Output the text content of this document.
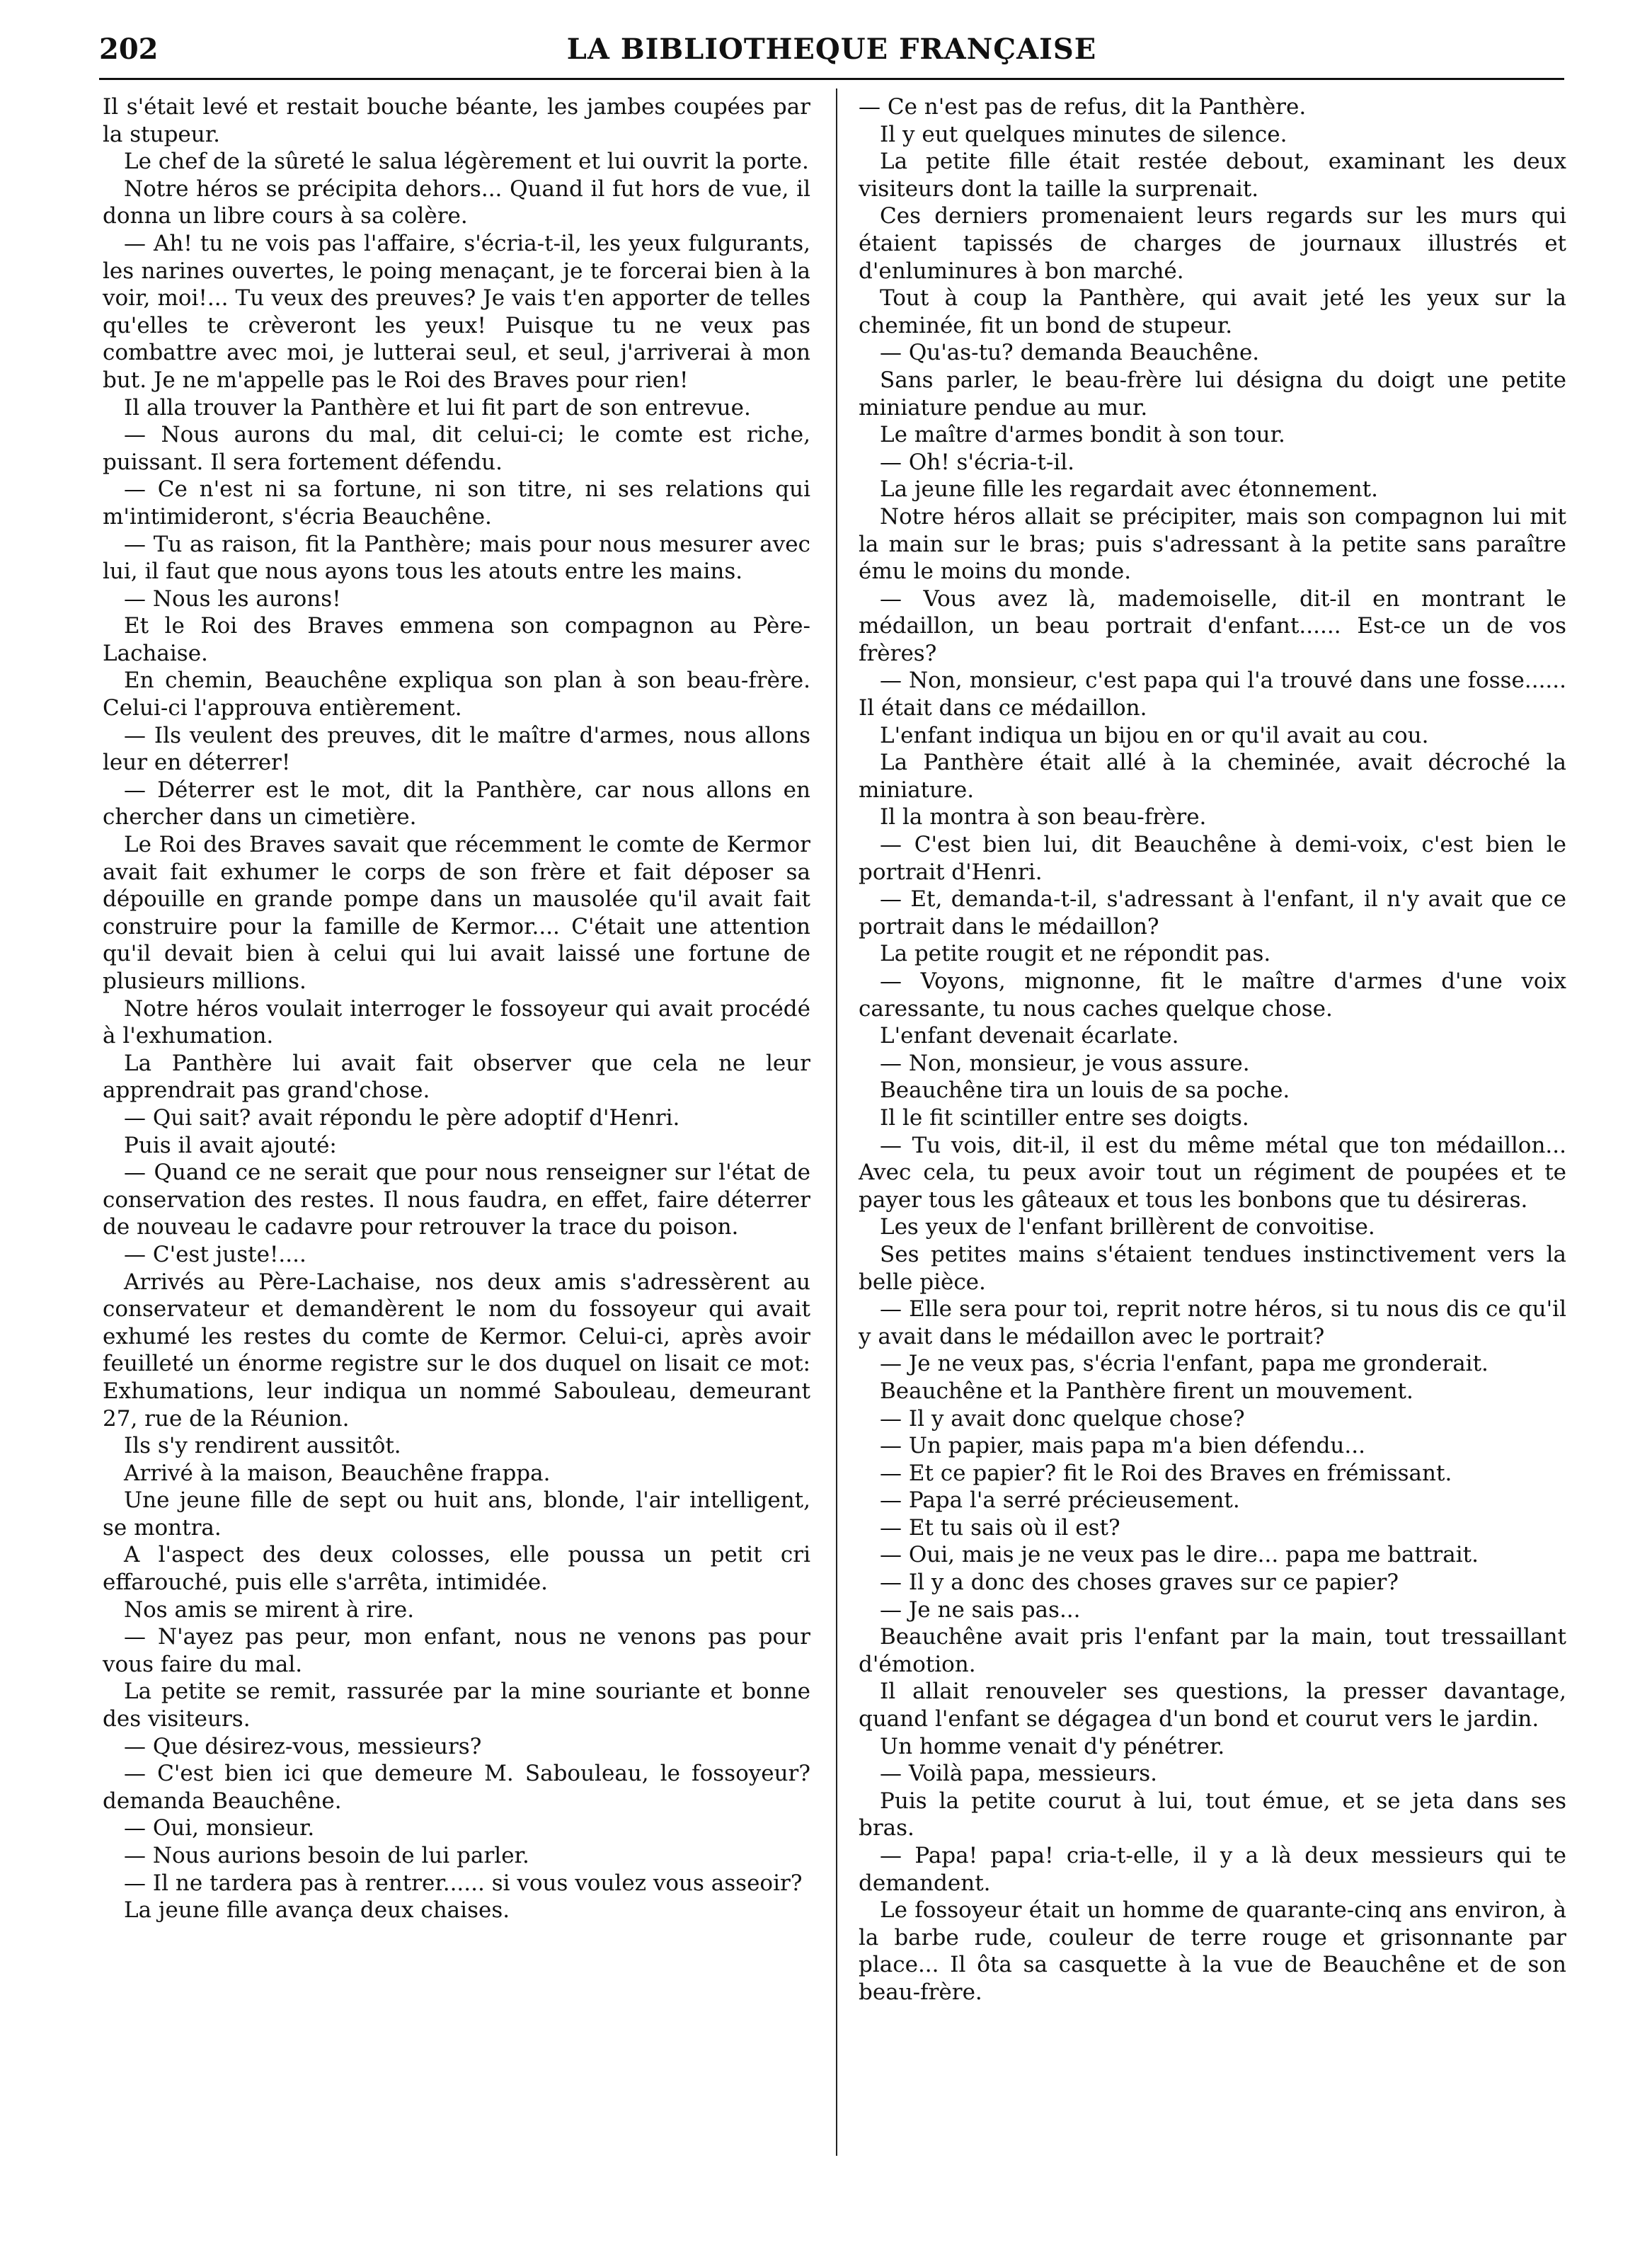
202	LA BIBLIOTHEQUE FRANÇAISE

Il s'était levé et restait bouche béante, les jambes coupées par la stupeur.

Le chef de la sûreté le salua légèrement et lui ouvrit la porte.

Notre héros se précipita dehors... Quand il fut hors de vue, il donna un libre cours à sa colère.

— Ah! tu ne vois pas l'affaire, s'écria-t-il, les yeux fulgurants, les narines ouvertes, le poing menaçant, je te forcerai bien à la voir, moi!... Tu veux des preuves? Je vais t'en apporter de telles qu'elles te crèveront les yeux! Puisque tu ne veux pas combattre avec moi, je lutterai seul, et seul, j'arriverai à mon but. Je ne m'appelle pas le Roi des Braves pour rien!

Il alla trouver la Panthère et lui fit part de son entrevue.

— Nous aurons du mal, dit celui-ci; le comte est riche, puissant. Il sera fortement défendu.

— Ce n'est ni sa fortune, ni son titre, ni ses relations qui m'intimideront, s'écria Beauchêne.

— Tu as raison, fit la Panthère; mais pour nous mesurer avec lui, il faut que nous ayons tous les atouts entre les mains.

— Nous les aurons!

Et le Roi des Braves emmena son compagnon au Père-Lachaise.

En chemin, Beauchêne expliqua son plan à son beau-frère. Celui-ci l'approuva entièrement.

— Ils veulent des preuves, dit le maître d'armes, nous allons leur en déterrer!

— Déterrer est le mot, dit la Panthère, car nous allons en chercher dans un cimetière.

Le Roi des Braves savait que récemment le comte de Kermor avait fait exhumer le corps de son frère et fait déposer sa dépouille en grande pompe dans un mausolée qu'il avait fait construire pour la famille de Kermor.... C'était une attention qu'il devait bien à celui qui lui avait laissé une fortune de plusieurs millions.

Notre héros voulait interroger le fossoyeur qui avait procédé à l'exhumation.

La Panthère lui avait fait observer que cela ne leur apprendrait pas grand'chose.

— Qui sait? avait répondu le père adoptif d'Henri.

Puis il avait ajouté:

— Quand ce ne serait que pour nous renseigner sur l'état de conservation des restes. Il nous faudra, en effet, faire déterrer de nouveau le cadavre pour retrouver la trace du poison.

— C'est juste!....

Arrivés au Père-Lachaise, nos deux amis s'adressèrent au conservateur et demandèrent le nom du fossoyeur qui avait exhumé les restes du comte de Kermor. Celui-ci, après avoir feuilleté un énorme registre sur le dos duquel on lisait ce mot: Exhumations, leur indiqua un nommé Sabouleau, demeurant 27, rue de la Réunion.

Ils s'y rendirent aussitôt.

Arrivé à la maison, Beauchêne frappa.

Une jeune fille de sept ou huit ans, blonde, l'air intelligent, se montra.

A l'aspect des deux colosses, elle poussa un petit cri effarouché, puis elle s'arrêta, intimidée.

Nos amis se mirent à rire.

— N'ayez pas peur, mon enfant, nous ne venons pas pour vous faire du mal.

La petite se remit, rassurée par la mine souriante et bonne des visiteurs.

— Que désirez-vous, messieurs?

— C'est bien ici que demeure M. Sabouleau, le fossoyeur? demanda Beauchêne.

— Oui, monsieur.

— Nous aurions besoin de lui parler.

— Il ne tardera pas à rentrer...... si vous voulez vous asseoir?

La jeune fille avança deux chaises.

— Ce n'est pas de refus, dit la Panthère.

Il y eut quelques minutes de silence.

La petite fille était restée debout, examinant les deux visiteurs dont la taille la surprenait.

Ces derniers promenaient leurs regards sur les murs qui étaient tapissés de charges de journaux illustrés et d'enluminures à bon marché.

Tout à coup la Panthère, qui avait jeté les yeux sur la cheminée, fit un bond de stupeur.

— Qu'as-tu? demanda Beauchêne.

Sans parler, le beau-frère lui désigna du doigt une petite miniature pendue au mur.

Le maître d'armes bondit à son tour.

— Oh! s'écria-t-il.

La jeune fille les regardait avec étonnement.

Notre héros allait se précipiter, mais son compagnon lui mit la main sur le bras; puis s'adressant à la petite sans paraître ému le moins du monde.

— Vous avez là, mademoiselle, dit-il en montrant le médaillon, un beau portrait d'enfant...... Est-ce un de vos frères?

— Non, monsieur, c'est papa qui l'a trouvé dans une fosse...... Il était dans ce médaillon.

L'enfant indiqua un bijou en or qu'il avait au cou.

La Panthère était allé à la cheminée, avait décroché la miniature.

Il la montra à son beau-frère.

— C'est bien lui, dit Beauchêne à demi-voix, c'est bien le portrait d'Henri.

— Et, demanda-t-il, s'adressant à l'enfant, il n'y avait que ce portrait dans le médaillon?

La petite rougit et ne répondit pas.

— Voyons, mignonne, fit le maître d'armes d'une voix caressante, tu nous caches quelque chose.

L'enfant devenait écarlate.

— Non, monsieur, je vous assure.

Beauchêne tira un louis de sa poche.

Il le fit scintiller entre ses doigts.

— Tu vois, dit-il, il est du même métal que ton médaillon... Avec cela, tu peux avoir tout un régiment de poupées et te payer tous les gâteaux et tous les bonbons que tu désireras.

Les yeux de l'enfant brillèrent de convoitise.

Ses petites mains s'étaient tendues instinctivement vers la belle pièce.

— Elle sera pour toi, reprit notre héros, si tu nous dis ce qu'il y avait dans le médaillon avec le portrait?

— Je ne veux pas, s'écria l'enfant, papa me gronderait.

Beauchêne et la Panthère firent un mouvement.

— Il y avait donc quelque chose?

— Un papier, mais papa m'a bien défendu...

— Et ce papier? fit le Roi des Braves en frémissant.

— Papa l'a serré précieusement.

— Et tu sais où il est?

— Oui, mais je ne veux pas le dire... papa me battrait.

— Il y a donc des choses graves sur ce papier?

— Je ne sais pas...

Beauchêne avait pris l'enfant par la main, tout tressaillant d'émotion.

Il allait renouveler ses questions, la presser davantage, quand l'enfant se dégagea d'un bond et courut vers le jardin.

Un homme venait d'y pénétrer.

— Voilà papa, messieurs.

Puis la petite courut à lui, tout émue, et se jeta dans ses bras.

— Papa! papa! cria-t-elle, il y a là deux messieurs qui te demandent.

Le fossoyeur était un homme de quarante-cinq ans environ, à la barbe rude, couleur de terre rouge et grisonnante par place... Il ôta sa casquette à la vue de Beauchêne et de son beau-frère.
